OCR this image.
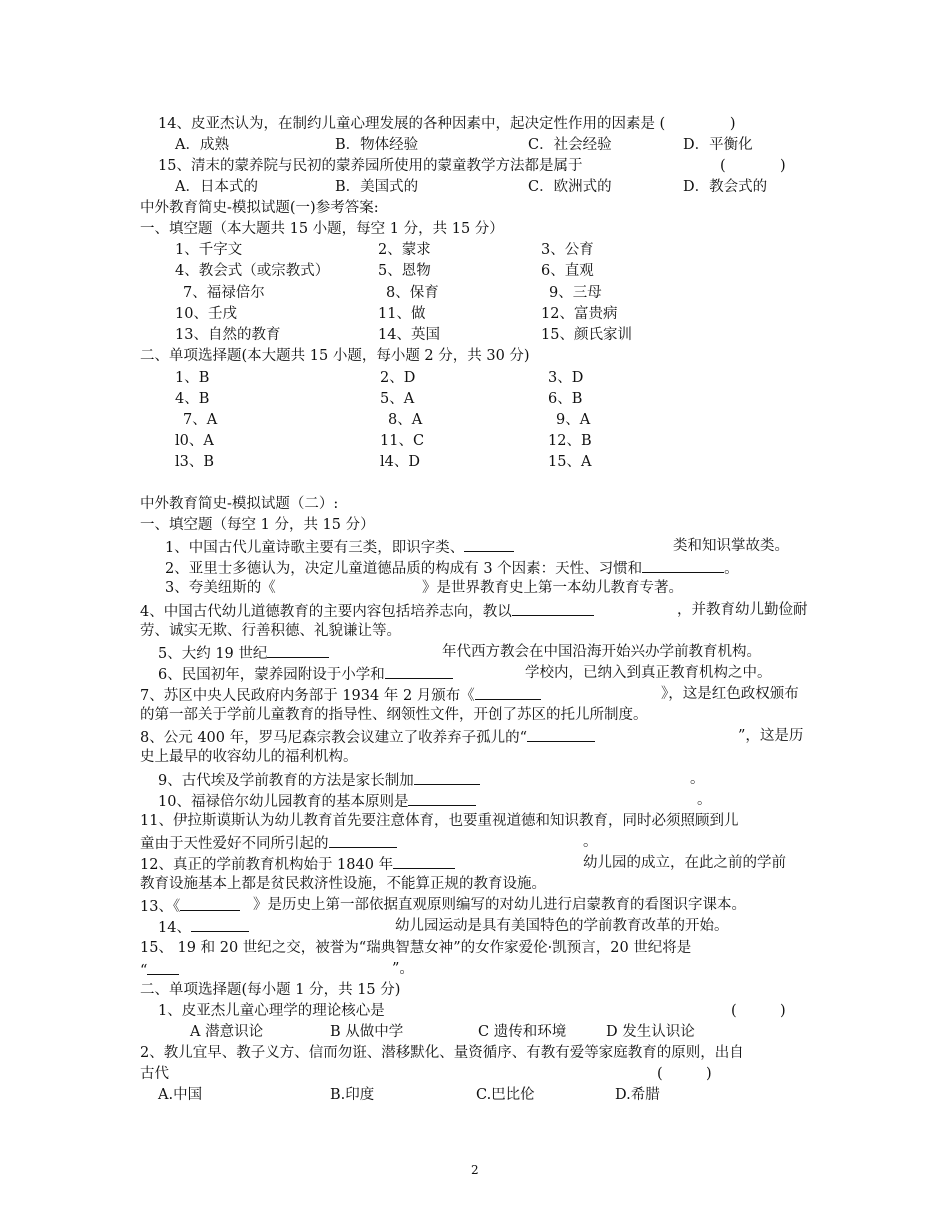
14、皮亚杰认为，在制约儿童心理发展的各种因素中，起决定性作用的因素是 (	)
A．成熟	B．物体经验	C．社会经验	D．平衡化
15、清末的蒙养院与民初的蒙养园所使用的蒙童教学方法都是属于	(	)
A．日本式的	B．美国式的	C．欧洲式的	D．教会式的
中外教育简史-模拟试题(一)参考答案:
一、填空题（本大题共 15 小题，每空 1 分，共 15 分）
1、千字文	2、蒙求	3、公育
4、教会式（或宗教式）	5、恩物	6、直观
7、福禄倍尔	8、保育	9、三母
10、壬戌	11、做	12、富贵病
13、自然的教育	14、英国	15、颜氏家训
二、单项选择题(本大题共 15 小题，每小题 2 分，共 30 分)
1、B	2、D	3、D
4、B	5、A	6、B
7、A	8、A	9、A
l0、A	11、C	12、B
l3、B	l4、D	15、A
中外教育简史-模拟试题（二）:
一、填空题（每空 1 分，共 15 分）
1、中国古代儿童诗歌主要有三类，即识字类、	类和知识掌故类。
2、亚里士多德认为，决定儿童道德品质的构成有 3 个因素：天性、习惯和	。
3、夸美纽斯的《	》是世界教育史上第一本幼儿教育专著。
4、中国古代幼儿道德教育的主要内容包括培养志向，教以	，并教育幼儿勤俭耐
劳、诚实无欺、行善积德、礼貌谦让等。
5、大约 19 世纪	年代西方教会在中国沿海开始兴办学前教育机构。
6、民国初年，蒙养园附设于小学和	学校内，已纳入到真正教育机构之中。
7、苏区中央人民政府内务部于 1934 年 2 月颁布《	》，这是红色政权颁布
的第一部关于学前儿童教育的指导性、纲领性文件，开创了苏区的托儿所制度。
8、公元 400 年，罗马尼森宗教会议建立了收养弃子孤儿的“	”，这是历
史上最早的收容幼儿的福利机构。
9、古代埃及学前教育的方法是家长制加	。
10、福禄倍尔幼儿园教育的基本原则是	。
11、伊拉斯谟斯认为幼儿教育首先要注意体育，也要重视道德和知识教育，同时必须照顾到儿
童由于天性爱好不同所引起的	。
12、真正的学前教育机构始于 1840 年	幼儿园的成立，在此之前的学前
教育设施基本上都是贫民救济性设施，不能算正规的教育设施。
13、《	》是历史上第一部依据直观原则编写的对幼儿进行启蒙教育的看图识字课本。
14、	幼儿园运动是具有美国特色的学前教育改革的开始。
15、 19 和 20 世纪之交，被誉为“瑞典智慧女神”的女作家爱伦·凯预言，20 世纪将是
“	”。
二、单项选择题(每小题 1 分，共 15 分)
1、皮亚杰儿童心理学的理论核心是	(	)
A 潜意识论	B 从做中学	C 遗传和环境	D 发生认识论
2、教儿宜早、教子义方、信而勿诳、潜移默化、量资循序、有教有爱等家庭教育的原则，出自
古代	(	)
A.中国	B.印度	C.巴比伦	D.希腊
2
